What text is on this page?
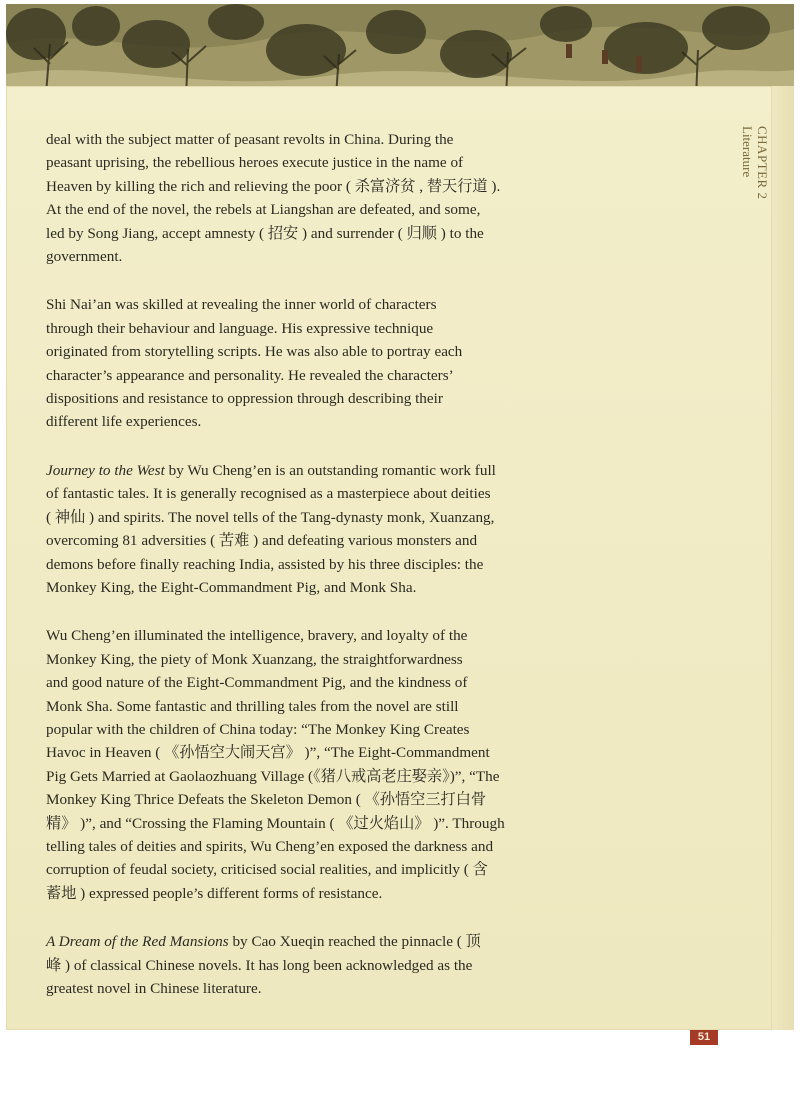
CHAPTER 2
Literature

deal with the subject matter of peasant revolts in China. During the
peasant uprising, the rebellious heroes execute justice in the name of
Heaven by killing the rich and relieving the poor ( 杀富济贫 , 替天行道 ).
At the end of the novel, the rebels at Liangshan are defeated, and some,
led by Song Jiang, accept amnesty ( 招安 ) and surrender ( 归顺 ) to the
government.

Shi Nai’an was skilled at revealing the inner world of characters
through their behaviour and language. His expressive technique
originated from storytelling scripts. He was also able to portray each
character’s appearance and personality. He revealed the characters’
dispositions and resistance to oppression through describing their
different life experiences.

Journey to the West by Wu Cheng’en is an outstanding romantic work full
of fantastic tales. It is generally recognised as a masterpiece about deities
( 神仙 ) and spirits. The novel tells of the Tang-dynasty monk, Xuanzang,
overcoming 81 adversities ( 苦难 ) and defeating various monsters and
demons before finally reaching India, assisted by his three disciples: the
Monkey King, the Eight-Commandment Pig, and Monk Sha.

Wu Cheng’en illuminated the intelligence, bravery, and loyalty of the
Monkey King, the piety of Monk Xuanzang, the straightforwardness
and good nature of the Eight-Commandment Pig, and the kindness of
Monk Sha. Some fantastic and thrilling tales from the novel are still
popular with the children of China today: “The Monkey King Creates
Havoc in Heaven ( 《孙悟空大闹天宫》 )”, “The Eight-Commandment
Pig Gets Married at Gaolaozhuang Village (《猪八戒高老庄娶亲》)”, “The
Monkey King Thrice Defeats the Skeleton Demon ( 《孙悟空三打白骨
精》 )”, and “Crossing the Flaming Mountain ( 《过火焰山》 )”. Through
telling tales of deities and spirits, Wu Cheng’en exposed the darkness and
corruption of feudal society, criticised social realities, and implicitly ( 含
蓄地 ) expressed people’s different forms of resistance.

A Dream of the Red Mansions by Cao Xueqin reached the pinnacle ( 顶
峰 ) of classical Chinese novels. It has long been acknowledged as the
greatest novel in Chinese literature.

51
